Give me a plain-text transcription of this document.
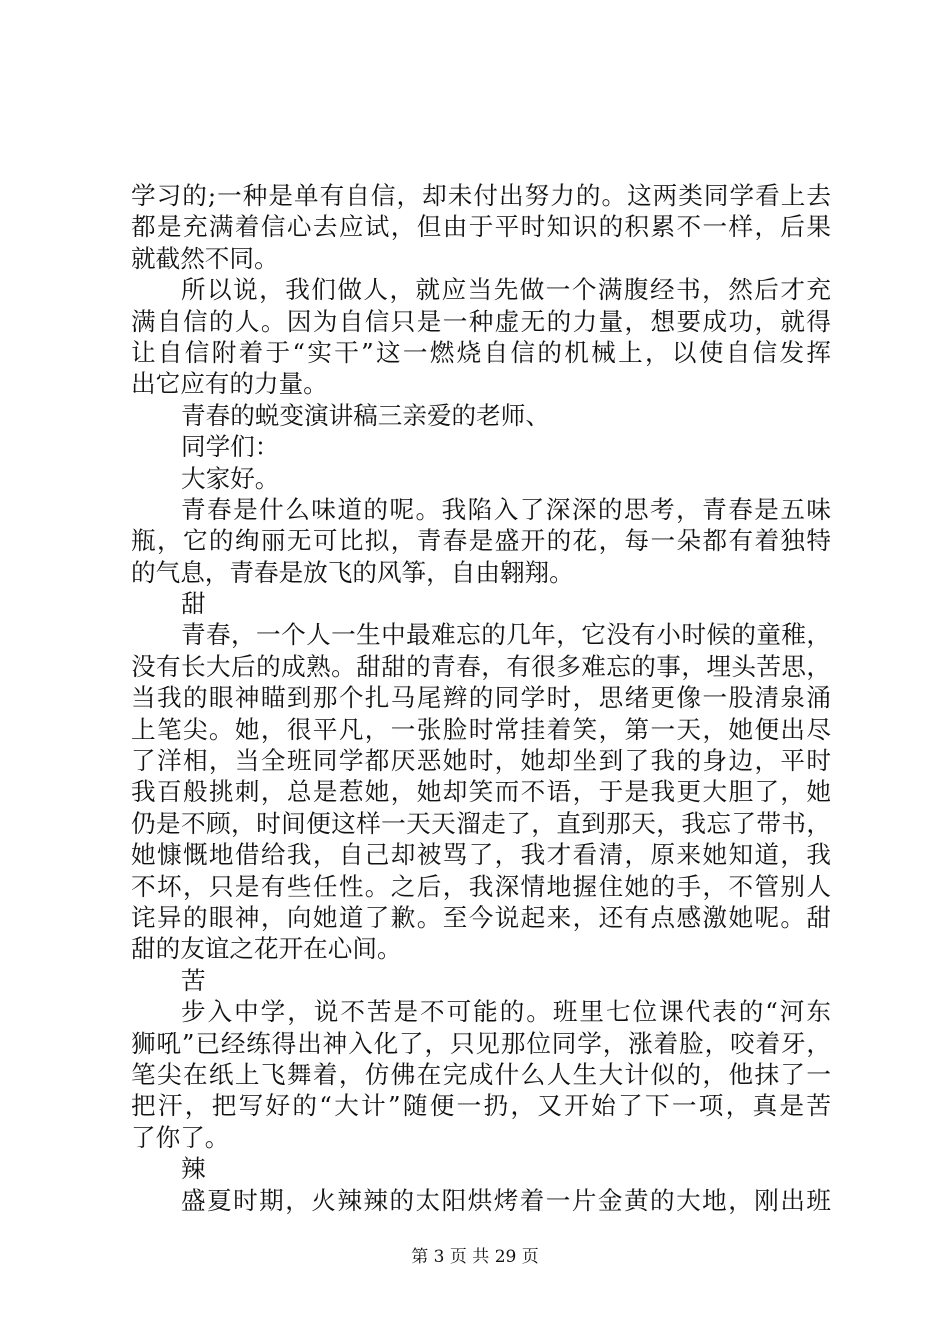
学习的;一种是单有自信，却未付出努力的。这两类同学看上去
都是充满着信心去应试，但由于平时知识的积累不一样，后果
就截然不同。
所以说，我们做人，就应当先做一个满腹经书，然后才充
满自信的人。因为自信只是一种虚无的力量，想要成功，就得
让自信附着于“实干”这一燃烧自信的机械上，以使自信发挥
出它应有的力量。
青春的蜕变演讲稿三亲爱的老师、
同学们：
大家好。
青春是什么味道的呢。我陷入了深深的思考，青春是五味
瓶，它的绚丽无可比拟，青春是盛开的花，每一朵都有着独特
的气息，青春是放飞的风筝，自由翱翔。
甜
青春，一个人一生中最难忘的几年，它没有小时候的童稚，
没有长大后的成熟。甜甜的青春，有很多难忘的事，埋头苦思，
当我的眼神瞄到那个扎马尾辫的同学时，思绪更像一股清泉涌
上笔尖。她，很平凡，一张脸时常挂着笑，第一天，她便出尽
了洋相，当全班同学都厌恶她时，她却坐到了我的身边，平时
我百般挑刺，总是惹她，她却笑而不语，于是我更大胆了，她
仍是不顾，时间便这样一天天溜走了，直到那天，我忘了带书，
她慷慨地借给我，自己却被骂了，我才看清，原来她知道，我
不坏，只是有些任性。之后，我深情地握住她的手，不管别人
诧异的眼神，向她道了歉。至今说起来，还有点感激她呢。甜
甜的友谊之花开在心间。
苦
步入中学，说不苦是不可能的。班里七位课代表的“河东
狮吼”已经练得出神入化了，只见那位同学，涨着脸，咬着牙，
笔尖在纸上飞舞着，仿佛在完成什么人生大计似的，他抹了一
把汗，把写好的“大计”随便一扔，又开始了下一项，真是苦
了你了。
辣
盛夏时期，火辣辣的太阳烘烤着一片金黄的大地，刚出班
第 3 页 共 29 页
